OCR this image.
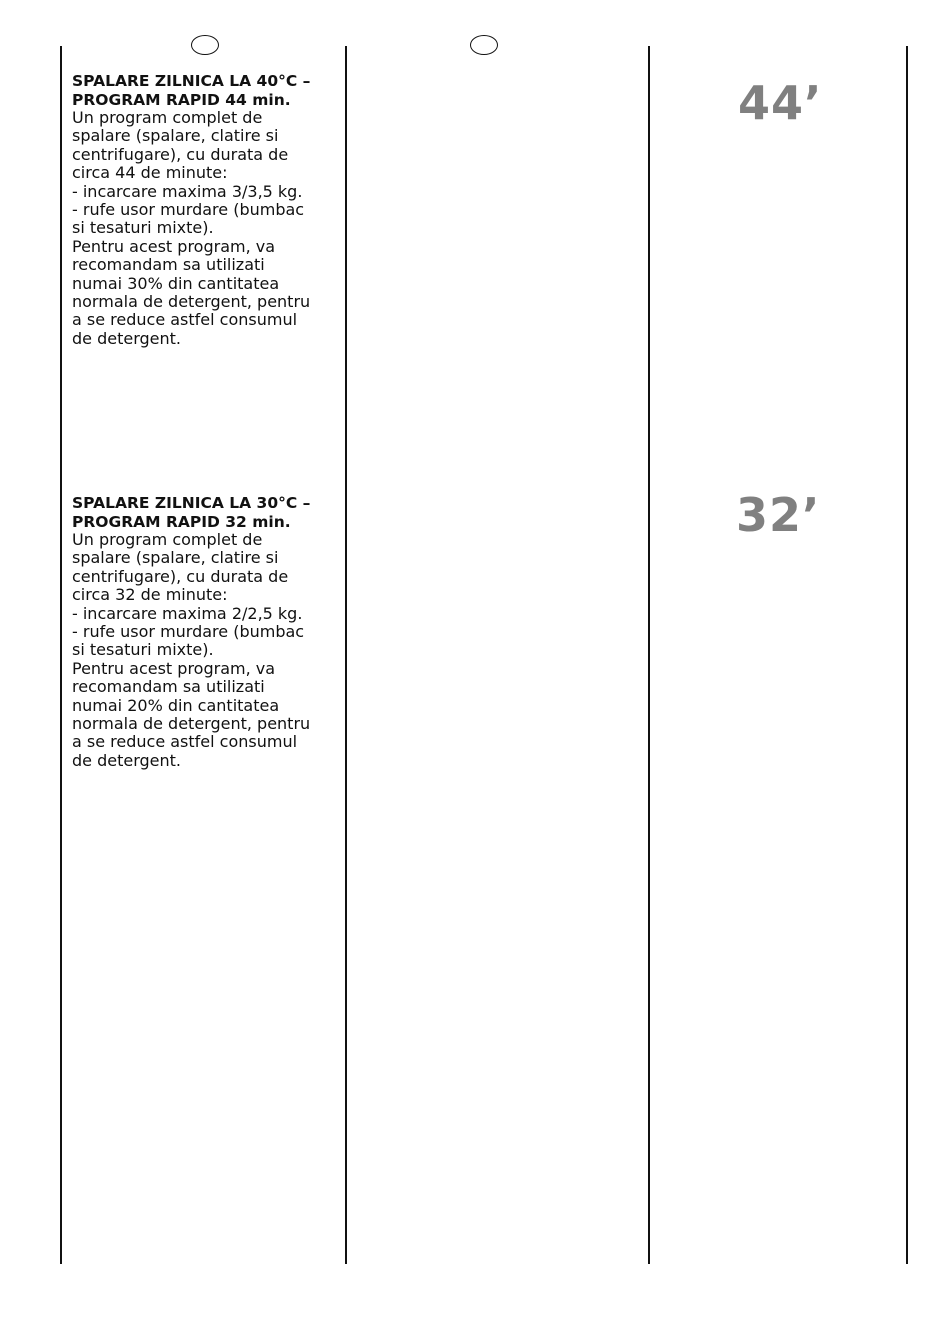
SPALARE ZILNICA LA 40°C –
PROGRAM RAPID 44 min.

Un program complet de
spalare (spalare, clatire si
centrifugare), cu durata de
circa 44 de minute:
- incarcare maxima 3/3,5 kg.
- rufe usor murdare (bumbac
si tesaturi mixte).
Pentru acest program, va
recomandam sa utilizati
numai 30% din cantitatea
normala de detergent, pentru
a se reduce astfel consumul
de detergent.

44’

SPALARE ZILNICA LA 30°C –
PROGRAM RAPID 32 min.

Un program complet de
spalare (spalare, clatire si
centrifugare), cu durata de
circa 32 de minute:
- incarcare maxima 2/2,5 kg.
- rufe usor murdare (bumbac
si tesaturi mixte).
Pentru acest program, va
recomandam sa utilizati
numai 20% din cantitatea
normala de detergent, pentru
a se reduce astfel consumul
de detergent.

32’
